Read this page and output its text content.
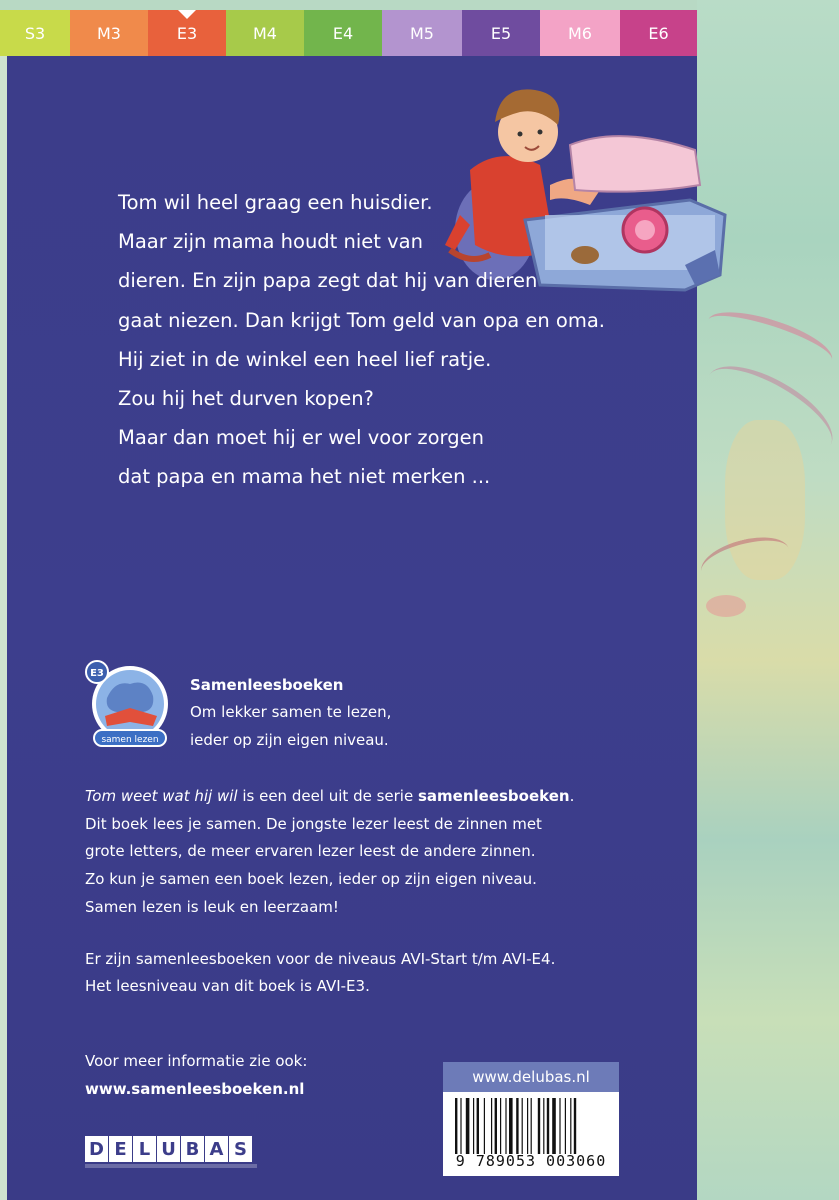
S3	M3	E3	M4	E4	M5	E5	M6	E6
Tom wil heel graag een huisdier.
Maar zijn mama houdt niet van
dieren. En zijn papa zegt dat hij van dieren
gaat niezen. Dan krijgt Tom geld van opa en oma.
Hij ziet in de winkel een heel lief ratje.
Zou hij het durven kopen?
Maar dan moet hij er wel voor zorgen
dat papa en mama het niet merken ...
E3
samen lezen
Samenleesboeken
Om lekker samen te lezen,
ieder op zijn eigen niveau.
Tom weet wat hij wil is een deel uit de serie samenleesboeken.
Dit boek lees je samen. De jongste lezer leest de zinnen met
grote letters, de meer ervaren lezer leest de andere zinnen.
Zo kun je samen een boek lezen, ieder op zijn eigen niveau.
Samen lezen is leuk en leerzaam!
Er zijn samenleesboeken voor de niveaus AVI-Start t/m AVI-E4.
Het leesniveau van dit boek is AVI-E3.
Voor meer informatie zie ook:
www.samenleesboeken.nl
D E L U B A S
www.delubas.nl
9 789053 003060
